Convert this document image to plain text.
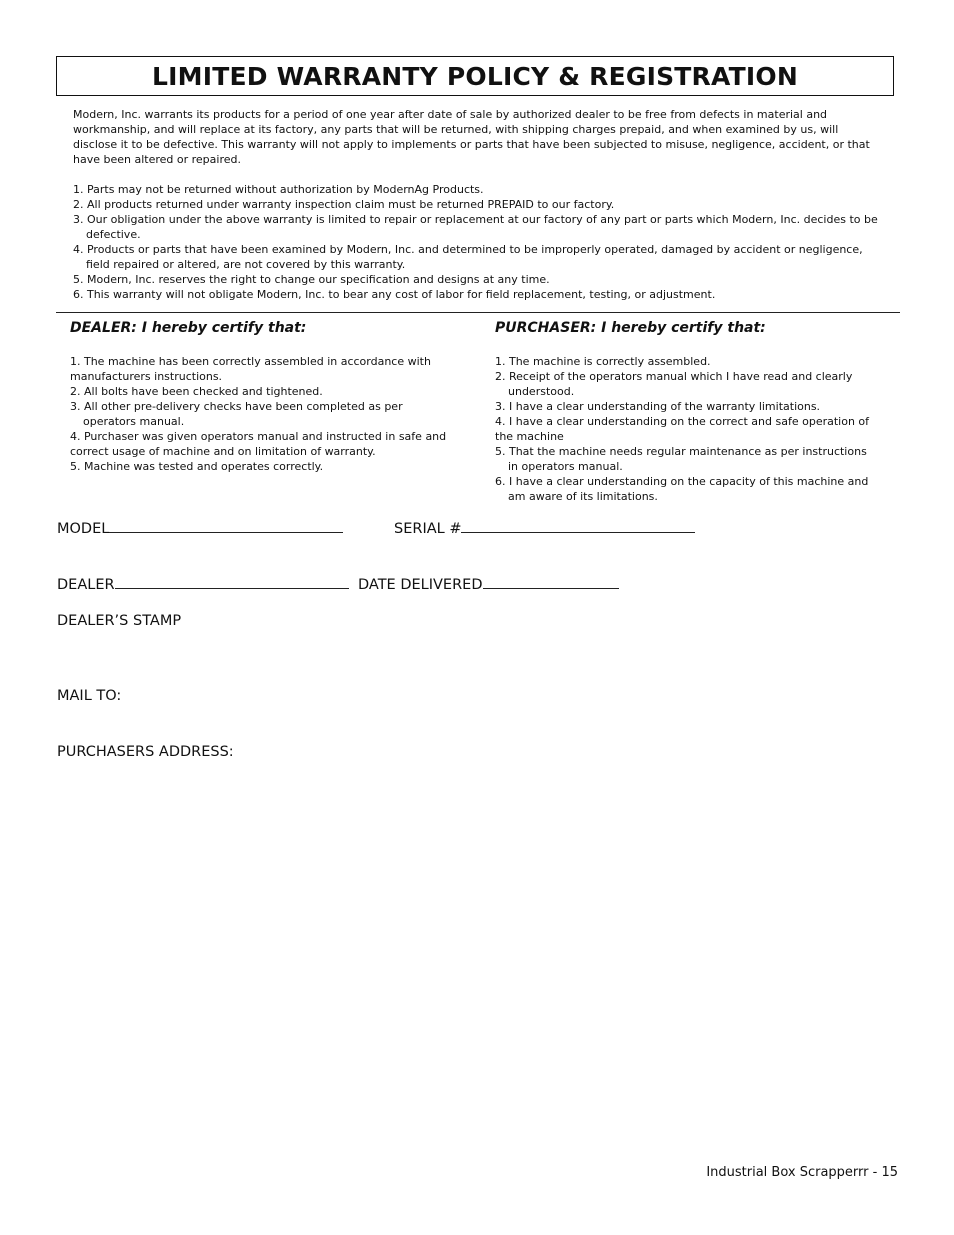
LIMITED WARRANTY POLICY & REGISTRATION

Modern, Inc. warrants its products for a period of one year after date of sale by authorized dealer to be free from defects in material and workmanship, and will replace at its factory, any parts that will be returned, with shipping charges prepaid, and when examined by us, will disclose it to be defective. This warranty will not apply to implements or parts that have been subjected to misuse, negligence, accident, or that have been altered or repaired.

1. Parts may not be returned without authorization by ModernAg Products.
2. All products returned under warranty inspection claim must be returned PREPAID to our factory.
3. Our obligation under the above warranty is limited to repair or replacement at our factory of any part or parts which Modern, Inc. decides to be defective.
4. Products or parts that have been examined by Modern, Inc. and determined to be improperly operated, damaged by accident or negligence, field repaired or altered, are not covered by this warranty.
5. Modern, Inc. reserves the right to change our specification and designs at any time.
6. This warranty will not obligate Modern, Inc. to bear any cost of labor for field replacement, testing, or adjustment.
DEALER: I hereby certify that:
1. The machine has been correctly assembled in accordance with manufacturers instructions.
2. All bolts have been checked and tightened.
3. All other pre-delivery checks have been completed as per operators manual.
4. Purchaser was given operators manual and instructed in safe and correct usage of machine and on limitation of warranty.
5. Machine was tested and operates correctly.
PURCHASER: I hereby certify that:
1. The machine is correctly assembled.
2. Receipt of the operators manual which I have read and clearly understood.
3. I have a clear understanding of the warranty limitations.
4. I have a clear understanding on the correct and safe operation of the machine
5. That the machine needs regular maintenance as per instructions in operators manual.
6. I have a clear understanding on the capacity of this machine and am aware of its limitations.
MODEL	SERIAL #
DEALER	DATE DELIVERED
DEALER’S STAMP
MAIL TO:
PURCHASERS ADDRESS:
Industrial Box Scrapperrr - 15
